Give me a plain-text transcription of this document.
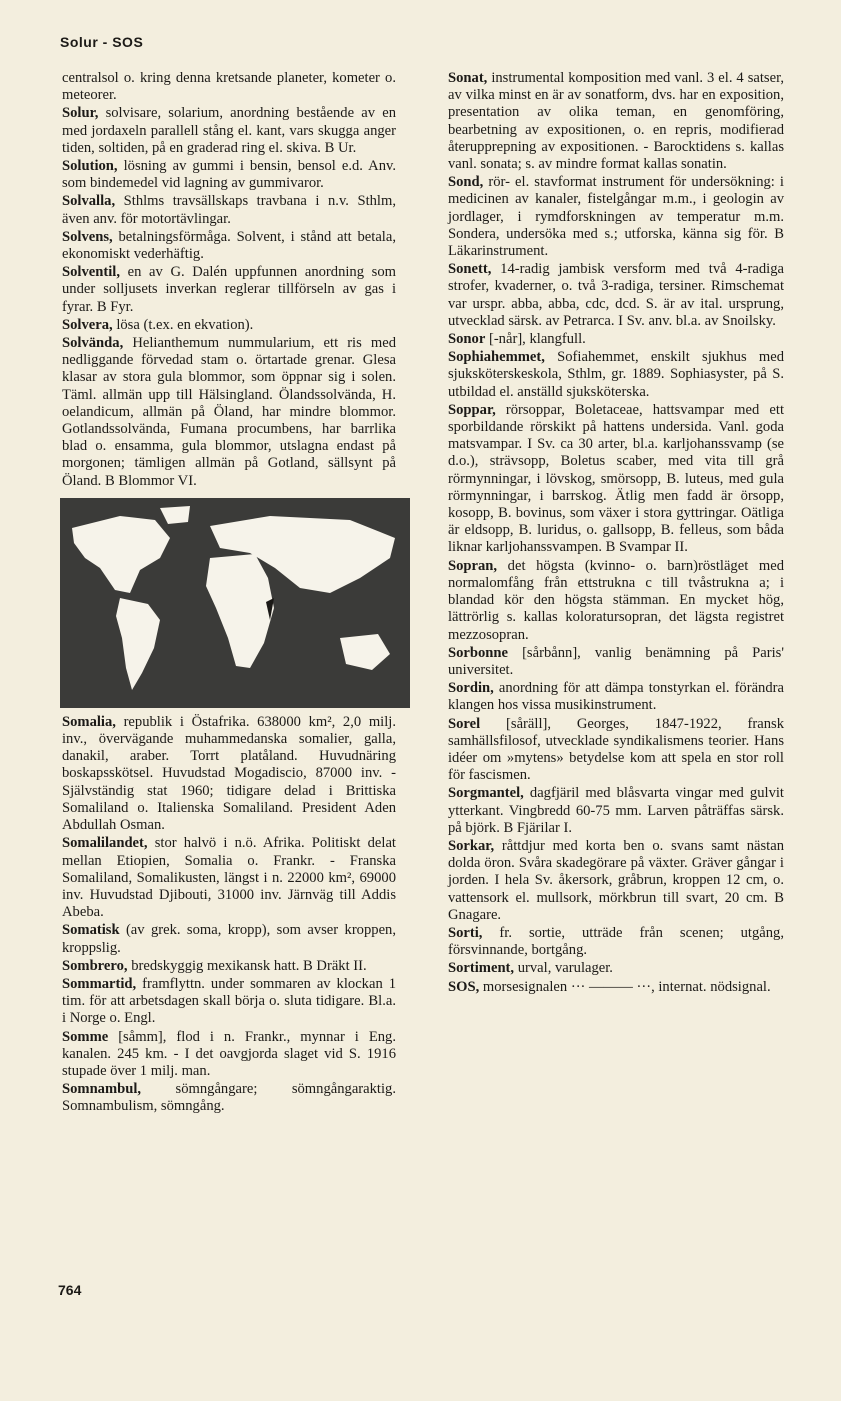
Solur - SOS
centralsol o. kring denna kretsande planeter, kometer o. meteorer.
Solur, solvisare, solarium, anordning bestående av en med jordaxeln parallell stång el. kant, vars skugga anger tiden, soltiden, på en graderad ring el. skiva. B Ur.
Solution, lösning av gummi i bensin, bensol e.d. Anv. som bindemedel vid lagning av gummivaror.
Solvalla, Sthlms travsällskaps travbana i n.v. Sthlm, även anv. för motortävlingar.
Solvens, betalningsförmåga. Solvent, i stånd att betala, ekonomiskt vederhäftig.
Solventil, en av G. Dalén uppfunnen anordning som under solljusets inverkan reglerar tillförseln av gas i fyrar. B Fyr.
Solvera, lösa (t.ex. en ekvation).
Solvända, Helianthemum nummularium, ett ris med nedliggande förvedad stam o. örtartade grenar. Glesa klasar av stora gula blommor, som öppnar sig i solen. Täml. allmän upp till Hälsingland. Ölandssolvända, H. oelandicum, allmän på Öland, har mindre blommor. Gotlandssolvända, Fumana procumbens, har barrlika blad o. ensamma, gula blommor, utslagna endast på morgonen; tämligen allmän på Gotland, sällsynt på Öland. B Blommor VI.
Somalia, republik i Östafrika. 638000 km², 2,0 milj. inv., övervägande muhammedanska somalier, galla, danakil, araber. Torrt platåland. Huvudnäring boskapsskötsel. Huvudstad Mogadiscio, 87000 inv. - Självständig stat 1960; tidigare delad i Brittiska Somaliland o. Italienska Somaliland. President Aden Abdullah Osman.
Somalilandet, stor halvö i n.ö. Afrika. Politiskt delat mellan Etiopien, Somalia o. Frankr. - Franska Somaliland, Somalikusten, längst i n. 22000 km², 69000 inv. Huvudstad Djibouti, 31000 inv. Järnväg till Addis Abeba.
Somatisk (av grek. soma, kropp), som avser kroppen, kroppslig.
Sombrero, bredskyggig mexikansk hatt. B Dräkt II.
Sommartid, framflyttn. under sommaren av klockan 1 tim. för att arbetsdagen skall börja o. sluta tidigare. Bl.a. i Norge o. Engl.
Somme [såmm], flod i n. Frankr., mynnar i Eng. kanalen. 245 km. - I det oavgjorda slaget vid S. 1916 stupade över 1 milj. man.
Somnambul, sömngångare; sömngångaraktig. Somnambulism, sömngång.
Sonat, instrumental komposition med vanl. 3 el. 4 satser, av vilka minst en är av sonatform, dvs. har en exposition, presentation av olika teman, en genomföring, bearbetning av expositionen, o. en repris, modifierad återupprepning av expositionen. - Barocktidens s. kallas vanl. sonata; s. av mindre format kallas sonatin.
Sond, rör- el. stavformat instrument för undersökning: i medicinen av kanaler, fistelgångar m.m., i geologin av jordlager, i rymdforskningen av temperatur m.m. Sondera, undersöka med s.; utforska, känna sig för. B Läkarinstrument.
Sonett, 14-radig jambisk versform med två 4-radiga strofer, kvaderner, o. två 3-radiga, tersiner. Rimschemat var urspr. abba, abba, cdc, dcd. S. är av ital. ursprung, utvecklad särsk. av Petrarca. I Sv. anv. bl.a. av Snoilsky.
Sonor [-når], klangfull.
Sophiahemmet, Sofiahemmet, enskilt sjukhus med sjuksköterskeskola, Sthlm, gr. 1889. Sophiasyster, på S. utbildad el. anställd sjuksköterska.
Soppar, rörsoppar, Boletaceae, hattsvampar med ett sporbildande rörskikt på hattens undersida. Vanl. goda matsvampar. I Sv. ca 30 arter, bl.a. karljohanssvamp (se d.o.), strävsopp, Boletus scaber, med vita till grå rörmynningar, i lövskog, smörsopp, B. luteus, med gula rörmynningar, i barrskog. Ätlig men fadd är örsopp, kosopp, B. bovinus, som växer i stora gyttringar. Oätliga är eldsopp, B. luridus, o. gallsopp, B. felleus, som båda liknar karljohanssvampen. B Svampar II.
Sopran, det högsta (kvinno- o. barn)röstläget med normalomfång från ettstrukna c till tvåstrukna a; i blandad kör den högsta stämman. En mycket hög, lättrörlig s. kallas koloratursopran, det lägsta registret mezzosopran.
Sorbonne [sårbånn], vanlig benämning på Paris' universitet.
Sordin, anordning för att dämpa tonstyrkan el. förändra klangen hos vissa musikinstrument.
Sorel [såräll], Georges, 1847-1922, fransk samhällsfilosof, utvecklade syndikalismens teorier. Hans idéer om »mytens» betydelse kom att spela en stor roll för fascismen.
Sorgmantel, dagfjäril med blåsvarta vingar med gulvit ytterkant. Vingbredd 60-75 mm. Larven påträffas särsk. på björk. B Fjärilar I.
Sorkar, råttdjur med korta ben o. svans samt nästan dolda öron. Svåra skadegörare på växter. Gräver gångar i jorden. I hela Sv. åkersork, gråbrun, kroppen 12 cm, o. vattensork el. mullsork, mörkbrun till svart, 20 cm. B Gnagare.
Sorti, fr. sortie, utträde från scenen; utgång, försvinnande, bortgång.
Sortiment, urval, varulager.
SOS, morsesignalen ··· ——— ···, internat. nödsignal.
764
